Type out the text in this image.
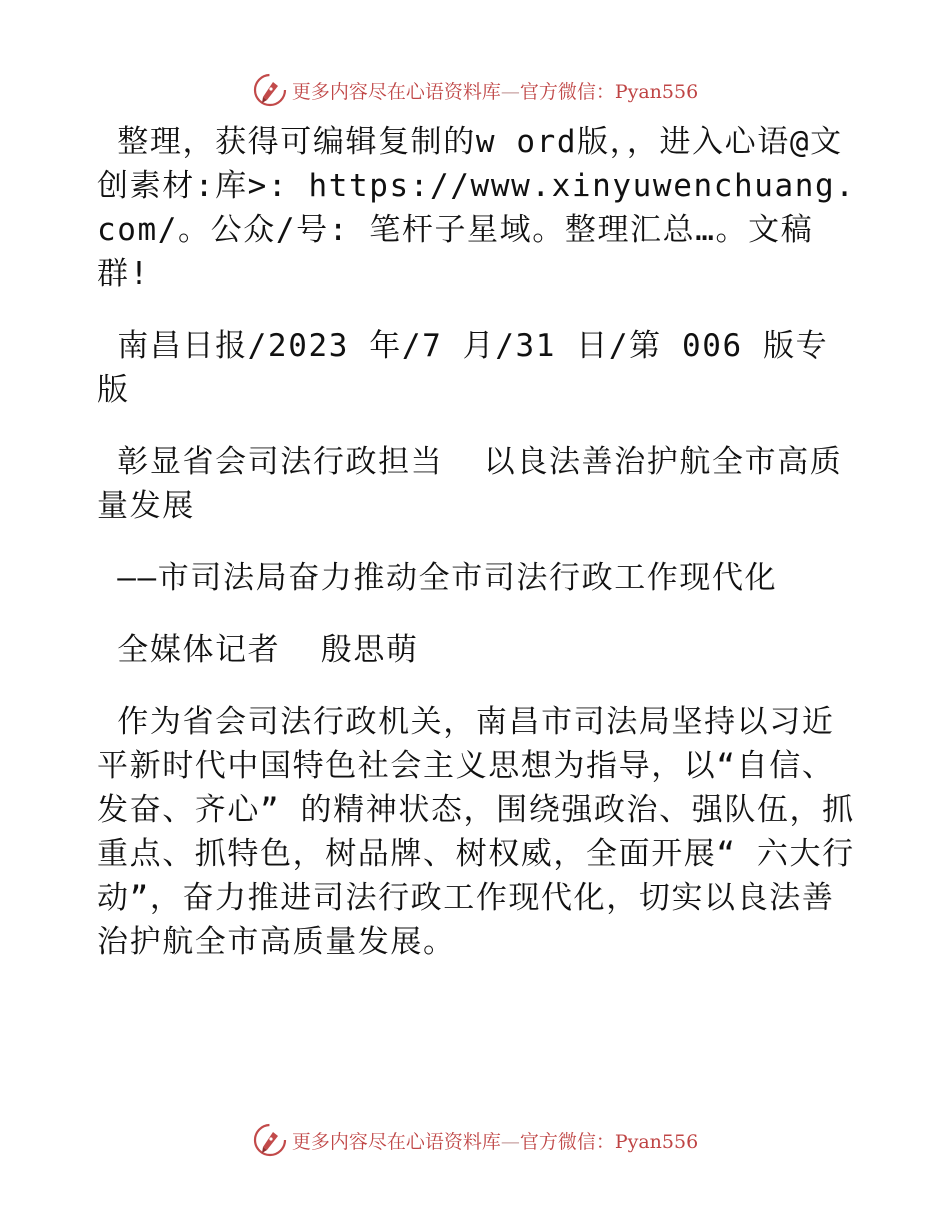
更多内容尽在心语资料库—官方微信：Pyan556

整理，获得可编辑复制的w ord版，，进入心语@文创素材:库>: https://www.xinyuwenchuang.com/。公众/号: 笔杆子星域。整理汇总…。文稿群!

南昌日报/2023 年/7 月/31 日/第 006 版专版

彰显省会司法行政担当  以良法善治护航全市高质量发展

——市司法局奋力推动全市司法行政工作现代化

全媒体记者  殷思萌

作为省会司法行政机关，南昌市司法局坚持以习近平新时代中国特色社会主义思想为指导，以“自信、发奋、齐心” 的精神状态，围绕强政治、强队伍，抓重点、抓特色，树品牌、树权威，全面开展“ 六大行动”，奋力推进司法行政工作现代化，切实以良法善治护航全市高质量发展。

更多内容尽在心语资料库—官方微信：Pyan556
